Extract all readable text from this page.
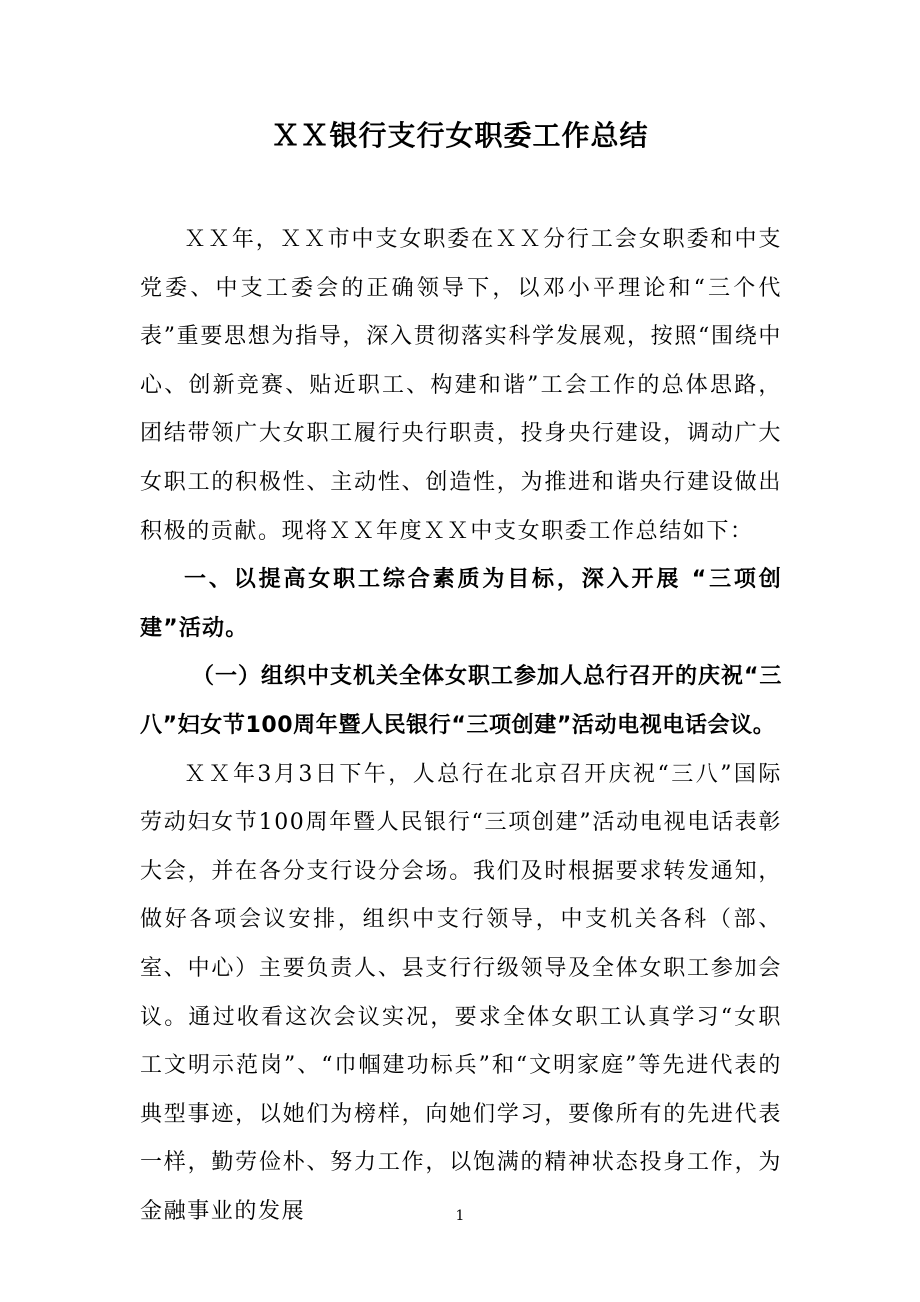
ＸＸ银行支行女职委工作总结

ＸＸ年，ＸＸ市中支女职委在ＸＸ分行工会女职委和中支党委、中支工委会的正确领导下，以邓小平理论和“三个代表”重要思想为指导，深入贯彻落实科学发展观，按照“围绕中心、创新竞赛、贴近职工、构建和谐”工会工作的总体思路，团结带领广大女职工履行央行职责，投身央行建设，调动广大女职工的积极性、主动性、创造性，为推进和谐央行建设做出积极的贡献。现将ＸＸ年度ＸＸ中支女职委工作总结如下：

一、以提高女职工综合素质为目标，深入开展 “三项创建”活动。

（一）组织中支机关全体女职工参加人总行召开的庆祝“三八”妇女节100周年暨人民银行“三项创建”活动电视电话会议。

ＸＸ年3月3日下午，人总行在北京召开庆祝“三八”国际劳动妇女节100周年暨人民银行“三项创建”活动电视电话表彰大会，并在各分支行设分会场。我们及时根据要求转发通知，做好各项会议安排，组织中支行领导，中支机关各科（部、室、中心）主要负责人、县支行行级领导及全体女职工参加会议。通过收看这次会议实况，要求全体女职工认真学习“女职工文明示范岗”、“巾帼建功标兵”和“文明家庭”等先进代表的典型事迹，以她们为榜样，向她们学习，要像所有的先进代表一样，勤劳俭朴、努力工作，以饱满的精神状态投身工作，为金融事业的发展	1
